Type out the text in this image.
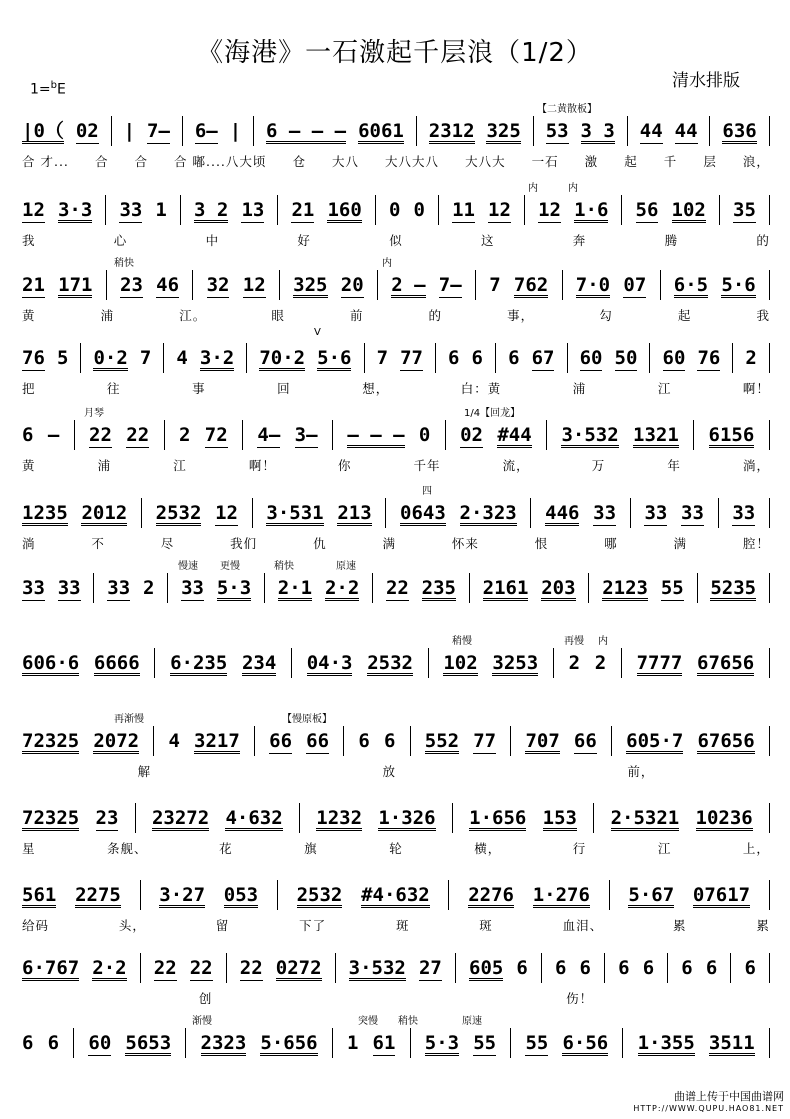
《海港》一石激起千层浪（1/2）
清水排版
1=$^b$E
【二黄散板】
|0（ 02 | 7– 6– | 6 – – – 6061 2312 325 53 3 3 44 44 636
合 才... 合 合 合 嘟....八大顷 仓 大八 大八大八 大八大 一石 激 起 千 层 浪，
内	内
12 3·3 33 1 3 2 13 21 160 0 0 11 12 12 1·6 56 102 35
我	心	中	好	似	这	奔	腾	的
稍快	内
21 171 23 46 32 12 325 20 2 – 7– 7 762 7·0 07 6·5 5·6
黄	浦	江。	眼	前	的	事，	勾	起	我
V
76 5 0·2 7 4 3·2 70·2 5·6 7 77 6 6 6 67 60 50 60 76 2
把	往	事	回	想，	白：黄	浦	江	啊！
月琴	1/4【回龙】
6 – 22 22 2 72 4– 3– – – – 0 02 #44 3·532 1321 6156
黄	浦	江	啊！	你	千年	流，	万	年	淌，
四
1235 2012 2532 12 3·531 213 0643 2·323 446 33 33 33 33
淌	不	尽	我们	仇	满	怀来	恨	哪	满	腔！
慢速 更慢	稍快	原速
33 33 33 2 33 5·3 2·1 2·2 22 235 2161 203 2123 55 5235
稍慢	再慢 内
606·6 6666 6·235 234 04·3 2532 102 3253 2 2 7777 67656
再渐慢	【慢原板】
72325 2072 4 3217 66 66 6 6 552 77 707 66 605·7 67656
解	放	前，
72325 23 23272 4·632 1232 1·326 1·656 153 2·5321 10236
星	条舰、	花	旗	轮	横，	行	江	上，
561 2275 3·27 053 2532 #4·632 2276 1·276 5·67 07617
给码	头，	留	下了	斑	斑	血泪、	累	累
6·767 2·2 22 22 22 0272 3·532 27 605 6 6 6 6 6 6 6 6
创	伤！
渐慢	突慢 稍快	原速
6 6 60 5653 2323 5·656 1 61 5·3 55 55 6·56 1·355 3511
曲谱上传于中国曲谱网
HTTP://WWW.QUPU.HAO81.NET
